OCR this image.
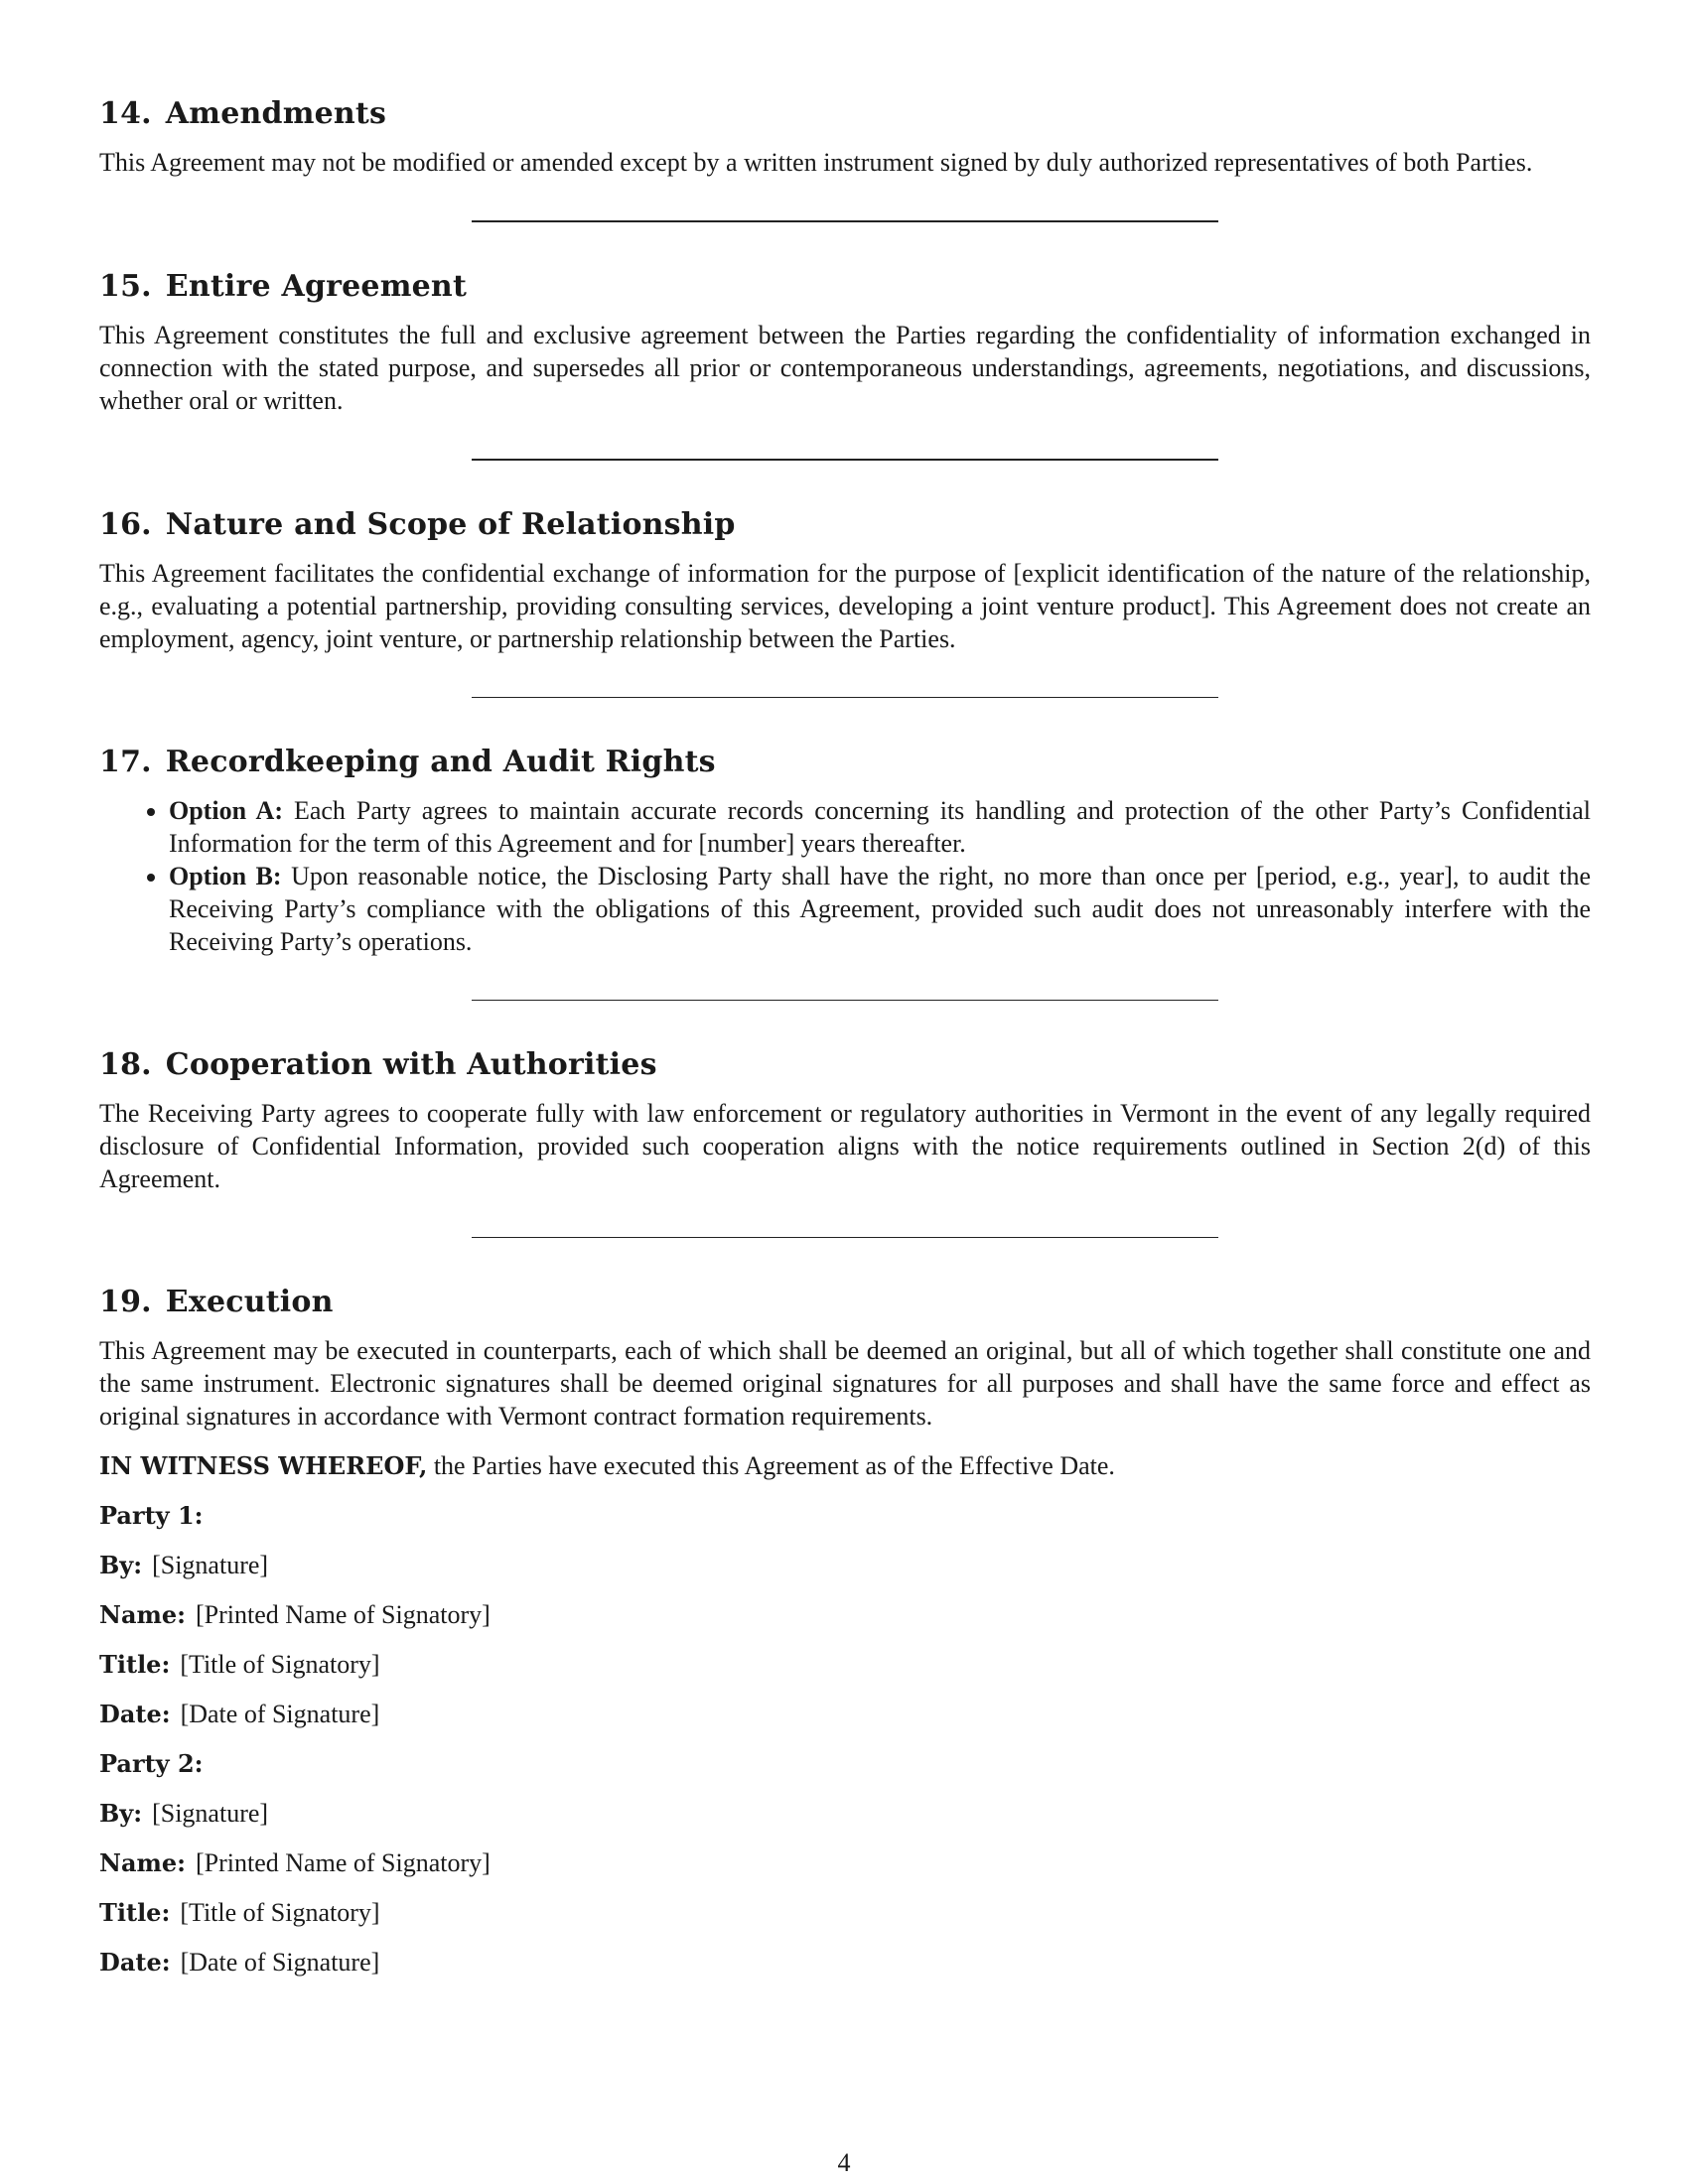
14. Amendments

This Agreement may not be modified or amended except by a written instrument signed by duly authorized representatives of both Parties.

15. Entire Agreement

This Agreement constitutes the full and exclusive agreement between the Parties regarding the confidentiality of information exchanged in connection with the stated purpose, and supersedes all prior or contemporaneous understandings, agreements, negotiations, and discussions, whether oral or written.

16. Nature and Scope of Relationship

This Agreement facilitates the confidential exchange of information for the purpose of [explicit identification of the nature of the relationship, e.g., evaluating a potential partnership, providing consulting services, developing a joint venture product]. This Agreement does not create an employment, agency, joint venture, or partnership relationship between the Parties.

17. Recordkeeping and Audit Rights
• Option A: Each Party agrees to maintain accurate records concerning its handling and protection of the other Party’s Confidential Information for the term of this Agreement and for [number] years thereafter.
• Option B: Upon reasonable notice, the Disclosing Party shall have the right, no more than once per [period, e.g., year], to audit the Receiving Party’s compliance with the obligations of this Agreement, provided such audit does not unreasonably interfere with the Receiving Party’s operations.
18. Cooperation with Authorities

The Receiving Party agrees to cooperate fully with law enforcement or regulatory authorities in Vermont in the event of any legally required disclosure of Confidential Information, provided such cooperation aligns with the notice requirements outlined in Section 2(d) of this Agreement.

19. Execution

This Agreement may be executed in counterparts, each of which shall be deemed an original, but all of which together shall constitute one and the same instrument. Electronic signatures shall be deemed original signatures for all purposes and shall have the same force and effect as original signatures in accordance with Vermont contract formation requirements.

IN WITNESS WHEREOF, the Parties have executed this Agreement as of the Effective Date.

Party 1:

By: [Signature]

Name: [Printed Name of Signatory]

Title: [Title of Signatory]

Date: [Date of Signature]

Party 2:

By: [Signature]

Name: [Printed Name of Signatory]

Title: [Title of Signatory]

Date: [Date of Signature]

4
